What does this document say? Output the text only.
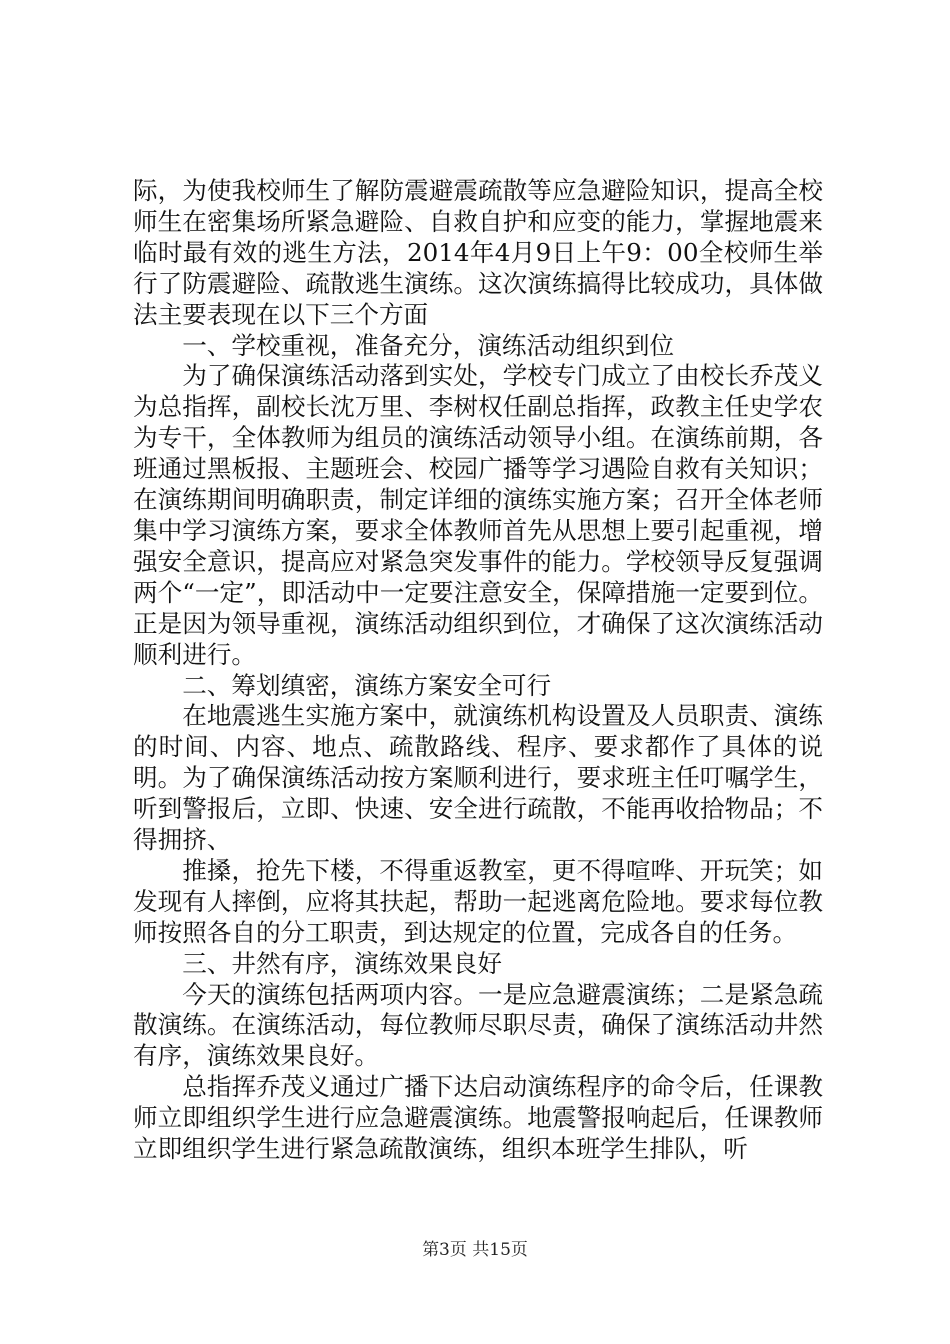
际，为使我校师生了解防震避震疏散等应急避险知识，提高全校师生在密集场所紧急避险、自救自护和应变的能力，掌握地震来临时最有效的逃生方法，2014年4月9日上午9：00全校师生举行了防震避险、疏散逃生演练。这次演练搞得比较成功，具体做法主要表现在以下三个方面

一、学校重视，准备充分，演练活动组织到位

为了确保演练活动落到实处，学校专门成立了由校长乔茂义为总指挥，副校长沈万里、李树权任副总指挥，政教主任史学农为专干，全体教师为组员的演练活动领导小组。在演练前期，各班通过黑板报、主题班会、校园广播等学习遇险自救有关知识；在演练期间明确职责，制定详细的演练实施方案；召开全体老师集中学习演练方案，要求全体教师首先从思想上要引起重视，增强安全意识，提高应对紧急突发事件的能力。学校领导反复强调两个“一定”，即活动中一定要注意安全，保障措施一定要到位。正是因为领导重视，演练活动组织到位，才确保了这次演练活动顺利进行。

二、筹划缜密，演练方案安全可行

在地震逃生实施方案中，就演练机构设置及人员职责、演练的时间、内容、地点、疏散路线、程序、要求都作了具体的说明。为了确保演练活动按方案顺利进行，要求班主任叮嘱学生，听到警报后，立即、快速、安全进行疏散，不能再收拾物品；不得拥挤、

推搡，抢先下楼，不得重返教室，更不得喧哗、开玩笑；如发现有人摔倒，应将其扶起，帮助一起逃离危险地。要求每位教师按照各自的分工职责，到达规定的位置，完成各自的任务。

三、井然有序，演练效果良好

今天的演练包括两项内容。一是应急避震演练；二是紧急疏散演练。在演练活动，每位教师尽职尽责，确保了演练活动井然有序，演练效果良好。

总指挥乔茂义通过广播下达启动演练程序的命令后，任课教师立即组织学生进行应急避震演练。地震警报响起后，任课教师立即组织学生进行紧急疏散演练，组织本班学生排队，听

第3页 共15页
